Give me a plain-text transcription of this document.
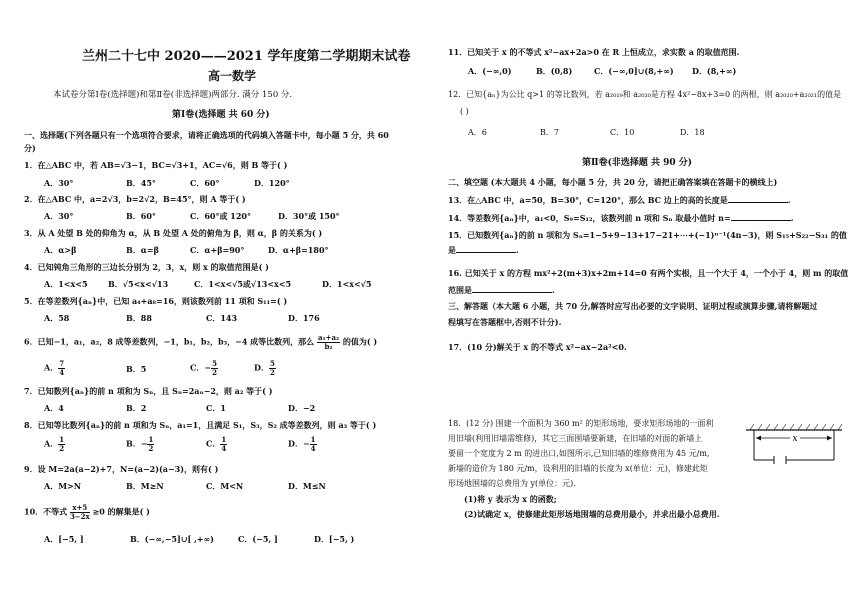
兰州二十七中 2020——2021 学年度第二学期期末试卷
高一数学
本试卷分第Ⅰ卷(选择题)和第Ⅱ卷(非选择题)两部分. 满分 150 分.
第Ⅰ卷(选择题 共 60 分)
一、选择题(下列各题只有一个选项符合要求，请将正确选项的代码填入答题卡中，每小题 5 分，共 60
分)
1．在△ABC 中，若 AB=√3−1，BC=√3+1，AC=√6，则 B 等于( )
A．30°	B．45°	C．60°	D．120°
2．在△ABC 中，a=2√3，b=2√2，B=45°，则 A 等于( )
A．30°	B．60°	C．60°或 120°	D．30°或 150°
3．从 A 处望 B 处的仰角为 α，从 B 处望 A 处的俯角为 β，则 α，β 的关系为( )
A．α>β	B．α=β	C．α+β=90°	D．α+β=180°
4．已知钝角三角形的三边长分别为 2，3，x，则 x 的取值范围是( )
A．1<x<5	B．√5<x<√13	C．1<x<√5或√13<x<5	D．1<x<√5
5．在等差数列{aₙ}中，已知 a₄+a₈=16，则该数列前 11 项和 S₁₁=( )
A．58	B．88	C．143	D．176
6．已知−1，a₁，a₂，8 成等差数列，−1，b₁，b₂，b₃，−4 成等比数列，那么 $\frac{\text{a₁+a₂}}{\text{b₂}}$ 的值为( )
A． $\frac{7}{4}$	B．5	C．− $\frac{5}{2}$	D． $\frac{5}{2}$
7．已知数列{aₙ}的前 n 项和为 Sₙ，且 Sₙ=2aₙ−2，则 a₂ 等于( )
A．4	B．2	C．1	D．−2
8．已知等比数列{aₙ}的前 n 项和为 Sₙ，a₁=1，且满足 S₁，S₃，S₂ 成等差数列，则 a₃ 等于( )
A． $\frac{1}{2}$	B．− $\frac{1}{2}$	C． $\frac{1}{4}$	D．− $\frac{1}{4}$
9．设 M=2a(a−2)+7，N=(a−2)(a−3)，则有( )
A．M>N	B．M≥N	C．M<N	D．M≤N
10．不等式 $\frac{x+5}{3-2x} \ge 0$ 的解集是( )
A．[−5, ]	B．(−∞,−5]∪[ ,+∞)	C．(−5, ]	D．[−5, )
11．已知关于 x 的不等式 x²−ax+2a>0 在 R 上恒成立，求实数 a 的取值范围.
A．(−∞,0)	B．(0,8)	C．(−∞,0]∪(8,+∞) D．(8,+∞)
12．已知{aₙ}为公比 q>1 的等比数列，若 a₂₀₁₉和 a₂₀₂₀是方程 4x²−8x+3=0 的两根，则 a₂₀₂₀+a₂₀₂₁的值是
( )
A．6	B．7	C．10	D．18
第Ⅱ卷(非选择题 共 90 分)
二、填空题 (本大题共 4 小题，每小题 5 分，共 20 分，请把正确答案填在答题卡的横线上)
13．在△ABC 中，a=50，B=30°，C=120°，那么 BC 边上的高的长度是	.
14．等差数列{aₙ}中，a₁<0，S₉=S₁₂，该数列前 n 项和 Sₙ 取最小值时 n=	.
15．已知数列{aₙ}的前 n 项和为 Sₙ=1−5+9−13+17−21+⋯+(−1)ⁿ⁻¹(4n−3)，则 S₁₅+S₂₂−S₃₁ 的值
是	.
16. 已知关于 x 的方程 mx²+2(m+3)x+2m+14=0 有两个实根，且一个大于 4，一个小于 4，则 m 的取值
范围是	.
三、解答题（本大题 6 小题，共 70 分,解答时应写出必要的文字说明、证明过程或演算步骤,请将解题过
程填写在答题框中,否则不计分).
17．(10 分)解关于 x 的不等式 x²−ax−2a²<0.
18．(12 分) 围建一个面积为 360 m² 的矩形场地，要求矩形场地的一面利
用旧墙(利用旧墙需维修)，其它三面围墙要新建，在旧墙的对面的新墙上
要留一个宽度为 2 m 的进出口,如图所示,已知旧墙的维修费用为 45 元/m,
新墙的造价为 180 元/m，设利用的旧墙的长度为 x(单位：元)，修建此矩
形场地围墙的总费用为 y(单位：元).
(1)将 y 表示为 x 的函数;
(2)试确定 x，使修建此矩形场地围墙的总费用最小，并求出最小总费用.
x
